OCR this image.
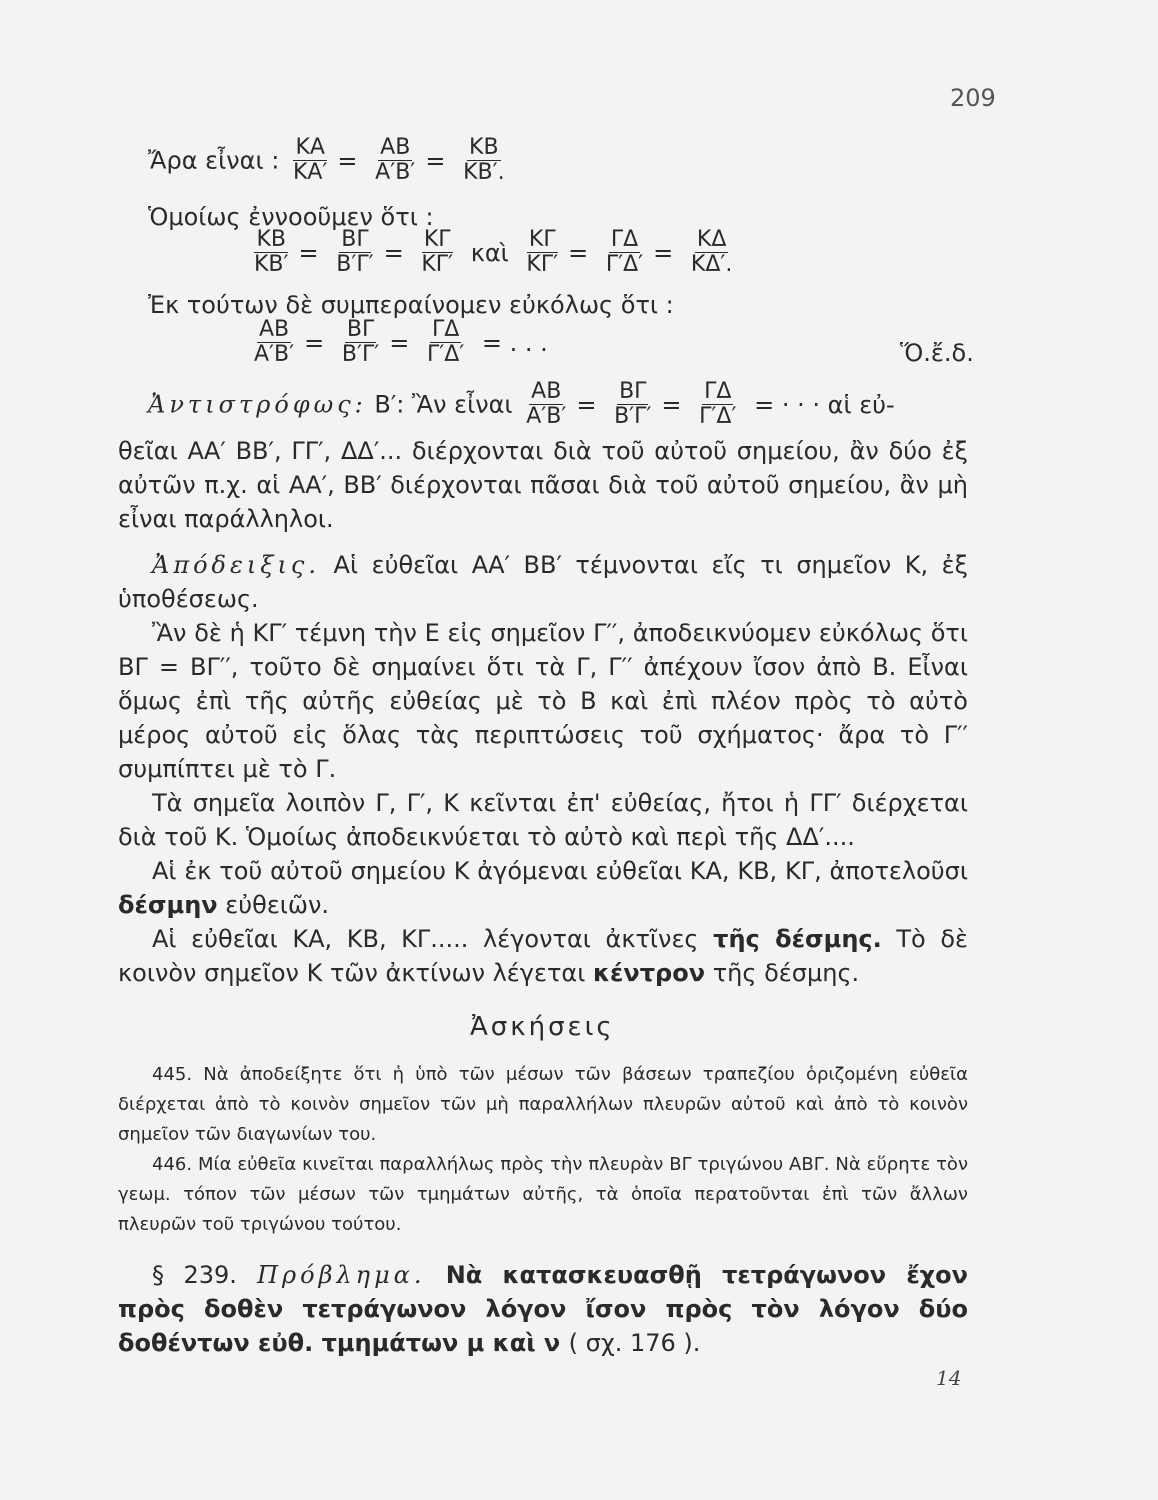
209
Ἄρα εἶναι : $\frac{KA}{KA'} = \frac{AB}{A'B'} = \frac{KB}{KB'.}$
Ὁμοίως ἐννοοῦμεν ὅτι :
$\frac{KB}{KB'} = \frac{B\Gamma}{B'\Gamma'} = \frac{K\Gamma}{K\Gamma'}$ καὶ $\frac{K\Gamma}{K\Gamma'} = \frac{\Gamma\Delta}{\Gamma'\Delta'} = \frac{K\Delta}{K\Delta'.}$
Ἐκ τούτων δὲ συμπεραίνομεν εὐκόλως ὅτι :
$\frac{AB}{A'B'} = \frac{B\Gamma}{B'\Gamma'} = \frac{\Gamma\Delta}{\Gamma'\Delta'}$ = . . .	Ὅ.ἔ.δ.
Ἀντιστρόφως: Β′: Ἂν εἶναι $\frac{AB}{A'B'} = \frac{B\Gamma}{B'\Gamma'} = \frac{\Gamma\Delta}{\Gamma'\Delta'}$ = · · · αἱ εὐ-
θεῖαι ΑΑ′ ΒΒ′, ΓΓ′, ΔΔ′... διέρχονται διὰ τοῦ αὐτοῦ σημείου, ἂν δύο ἐξ αὐτῶν π.χ. αἱ ΑΑ′, ΒΒ′ διέρχονται πᾶσαι διὰ τοῦ αὐτοῦ σημείου, ἂν μὴ εἶναι παράλληλοι.
Ἀπόδειξις. Αἱ εὐθεῖαι ΑΑ′ ΒΒ′ τέμνονται εἴς τι σημεῖον Κ, ἐξ ὑποθέσεως.
Ἂν δὲ ἡ ΚΓ′ τέμνη τὴν Ε εἰς σημεῖον Γ′′, ἀποδεικνύομεν εὐκόλως ὅτι ΒΓ = ΒΓ′′, τοῦτο δὲ σημαίνει ὅτι τὰ Γ, Γ′′ ἀπέχουν ἴσον ἀπὸ Β. Εἶναι ὅμως ἐπὶ τῆς αὐτῆς εὐθείας μὲ τὸ Β καὶ ἐπὶ πλέον πρὸς τὸ αὐτὸ μέρος αὐτοῦ εἰς ὅλας τὰς περιπτώσεις τοῦ σχήματος· ἄρα τὸ Γ′′ συμπίπτει μὲ τὸ Γ.
Τὰ σημεῖα λοιπὸν Γ, Γ′, Κ κεῖνται ἐπ' εὐθείας, ἤτοι ἡ ΓΓ′ διέρχεται διὰ τοῦ Κ. Ὁμοίως ἀποδεικνύεται τὸ αὐτὸ καὶ περὶ τῆς ΔΔ′....
Αἱ ἐκ τοῦ αὐτοῦ σημείου Κ ἀγόμεναι εὐθεῖαι ΚΑ, ΚΒ, ΚΓ, ἀποτελοῦσι δέσμην εὐθειῶν.
Αἱ εὐθεῖαι ΚΑ, ΚΒ, ΚΓ..... λέγονται ἀκτῖνες τῆς δέσμης. Τὸ δὲ κοινὸν σημεῖον Κ τῶν ἀκτίνων λέγεται κέντρον τῆς δέσμης.
Ἀσκήσεις
445. Νὰ ἀποδείξητε ὅτι ἡ ὑπὸ τῶν μέσων τῶν βάσεων τραπεζίου ὁριζομένη εὐθεῖα διέρχεται ἀπὸ τὸ κοινὸν σημεῖον τῶν μὴ παραλλήλων πλευρῶν αὐτοῦ καὶ ἀπὸ τὸ κοινὸν σημεῖον τῶν διαγωνίων του.
446. Μία εὐθεῖα κινεῖται παραλλήλως πρὸς τὴν πλευρὰν ΒΓ τριγώνου ΑΒΓ. Νὰ εὕρητε τὸν γεωμ. τόπον τῶν μέσων τῶν τμημάτων αὐτῆς, τὰ ὁποῖα περατοῦνται ἐπὶ τῶν ἄλλων πλευρῶν τοῦ τριγώνου τούτου.
§ 239. Πρόβλημα. Νὰ κατασκευασθῇ τετράγωνον ἔχον πρὸς δοθὲν τετράγωνον λόγον ἴσον πρὸς τὸν λόγον δύο δοθέντων εὐθ. τμημάτων μ καὶ ν ( σχ. 176 ).
14
